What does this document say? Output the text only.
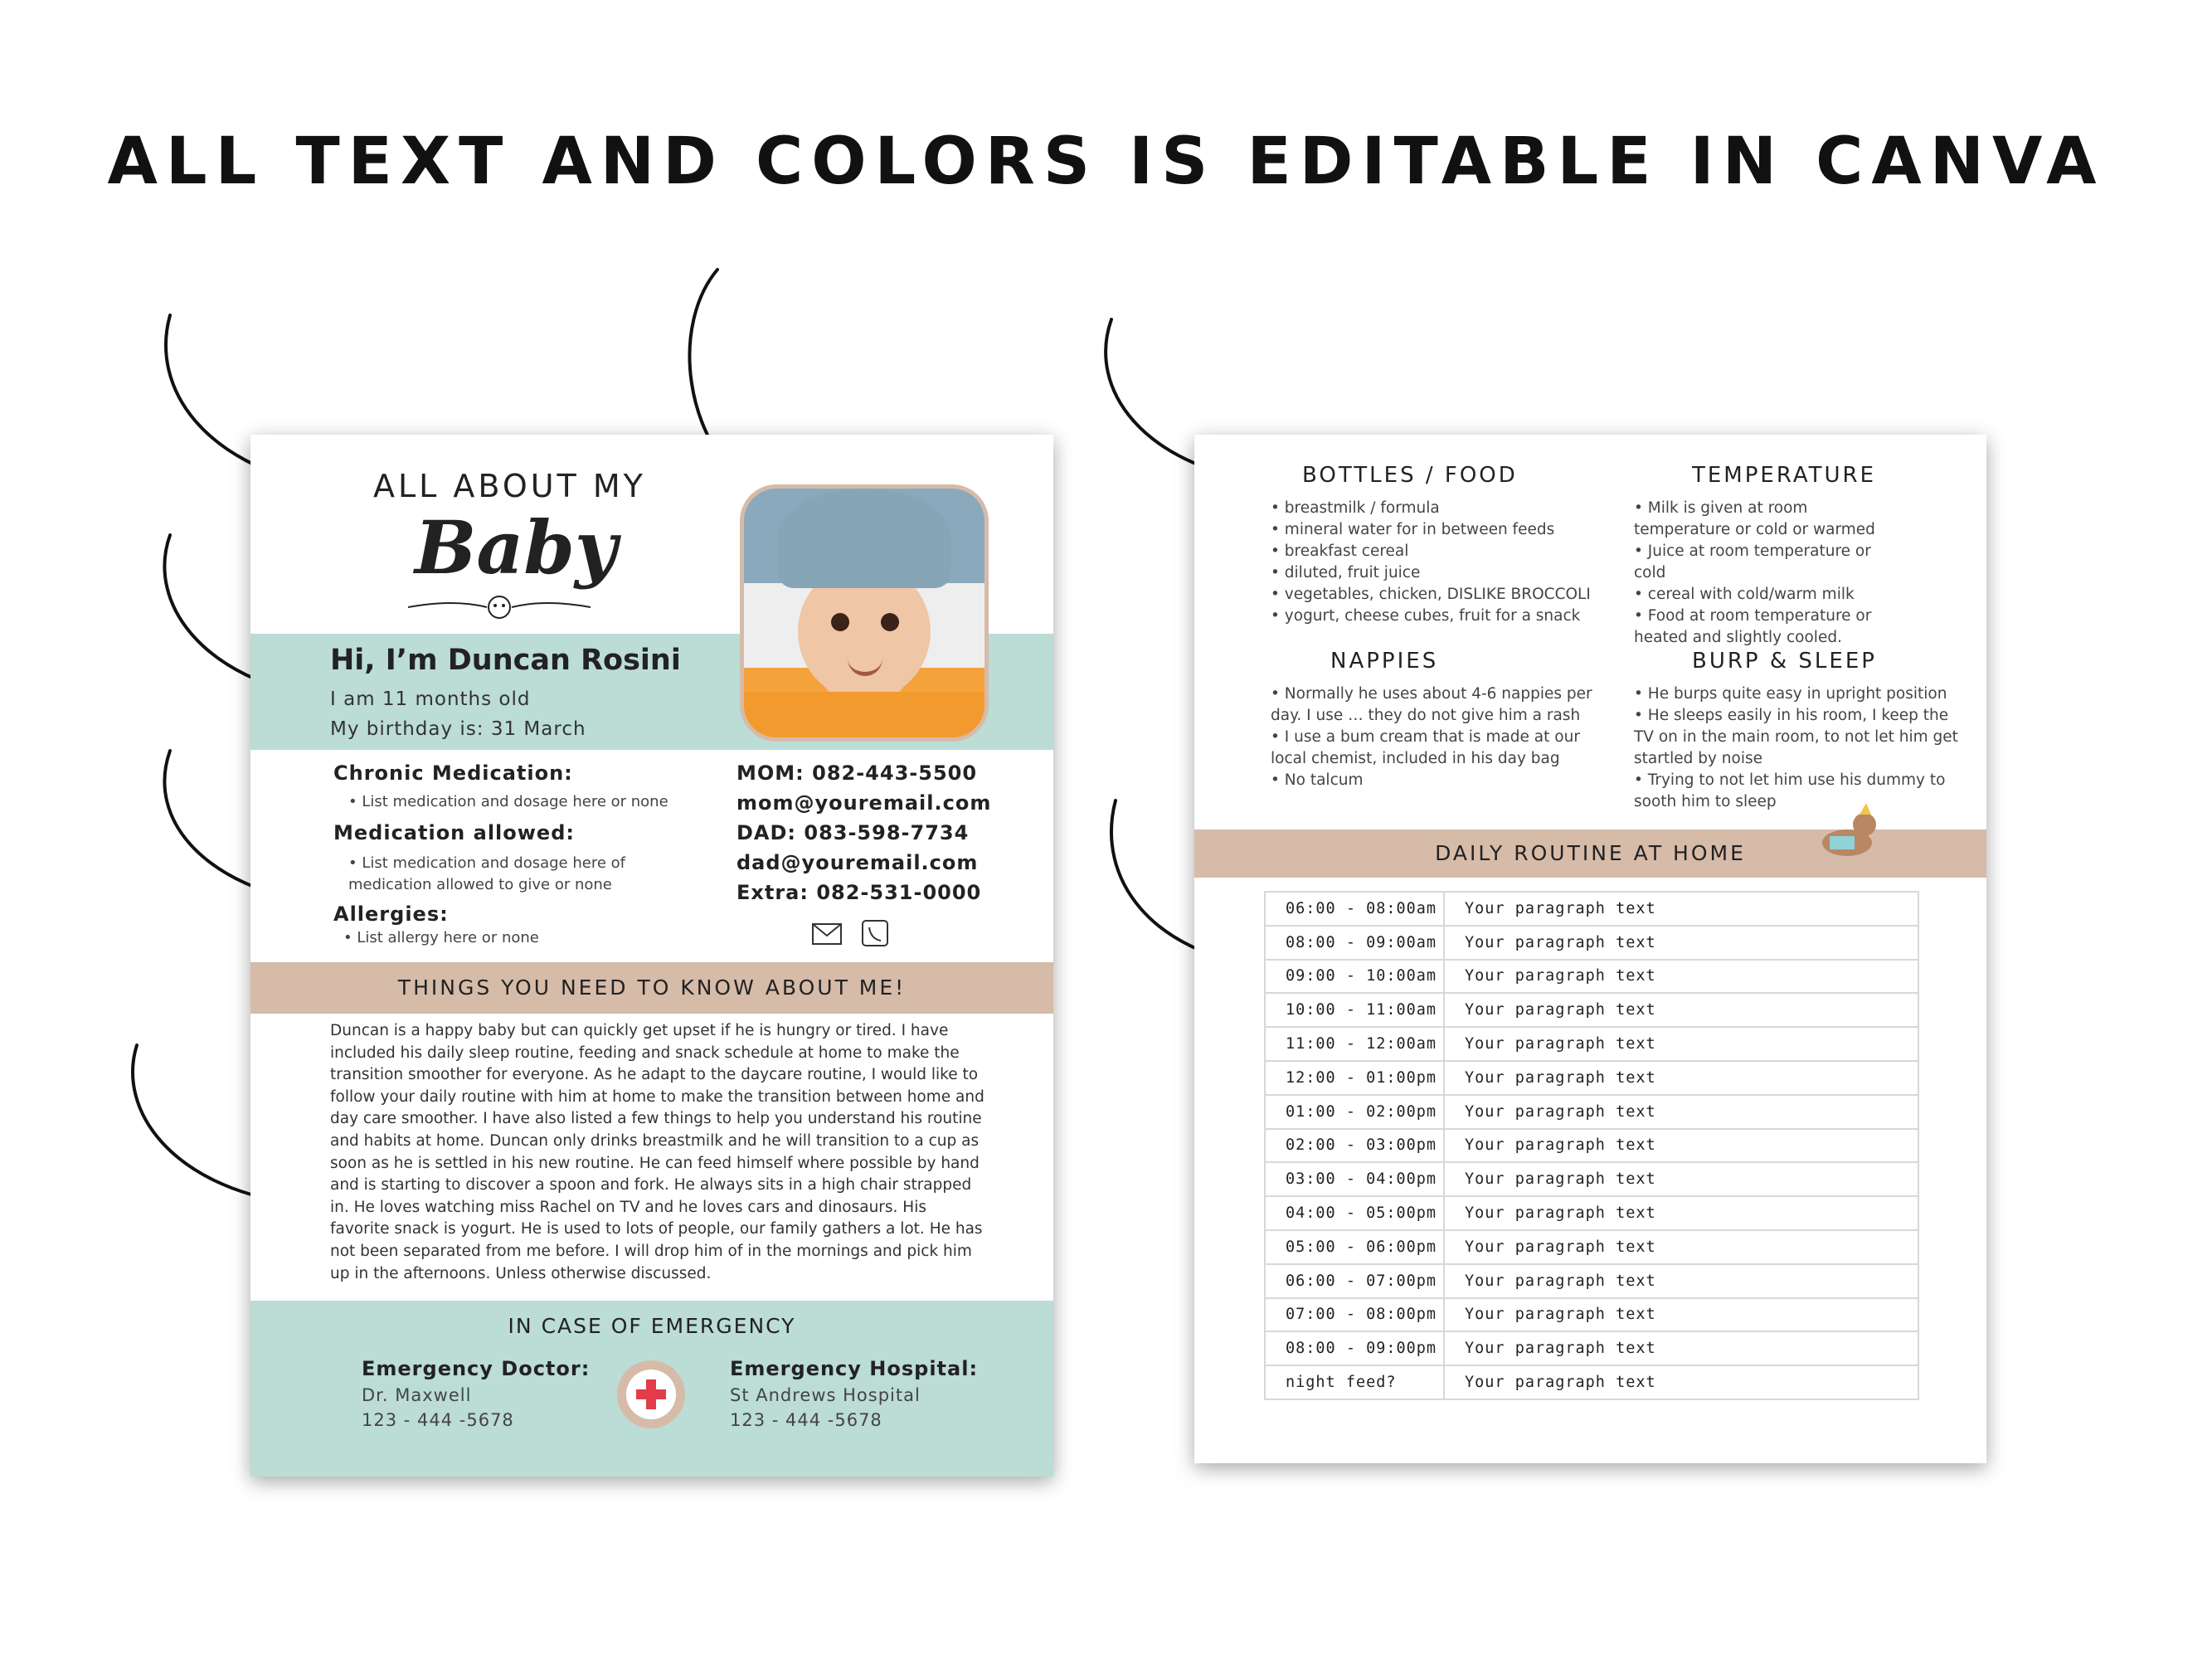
ALL TEXT AND COLORS IS EDITABLE IN CANVA
ALL ABOUT MY
Baby
Hi, I’m Duncan Rosini
I am 11 months old
My birthday is: 31 March
Chronic Medication:
• List medication and dosage here or none
Medication allowed:
• List medication and dosage here of medication allowed to give or none
Allergies:
• List allergy here or none
MOM: 082-443-5500
mom@youremail.com
DAD: 083-598-7734
dad@youremail.com
Extra: 082-531-0000
THINGS YOU NEED TO KNOW ABOUT ME!
Duncan is a happy baby but can quickly get upset if he is hungry or tired. I have included his daily sleep routine, feeding and snack schedule at home to make the transition smoother for everyone. As he adapt to the daycare routine, I would like to follow your daily routine with him at home to make the transition between home and day care smoother. I have also listed a few things to help you understand his routine and habits at home. Duncan only drinks breastmilk and he will transition to a cup as soon as he is settled in his new routine. He can feed himself where possible by hand and is starting to discover a spoon and fork. He always sits in a high chair strapped in. He loves watching miss Rachel on TV and he loves cars and dinosaurs. His favorite snack is yogurt. He is used to lots of people, our family gathers a lot. He has not been separated from me before. I will drop him of in the mornings and pick him up in the afternoons. Unless otherwise discussed.
IN CASE OF EMERGENCY
Emergency Doctor:
Dr. Maxwell
123 - 444 -5678
Emergency Hospital:
St Andrews Hospital
123 - 444 -5678
BOTTLES / FOOD
• breastmilk / formula
• mineral water for in between feeds
• breakfast cereal
• diluted, fruit juice
• vegetables, chicken, DISLIKE BROCCOLI
• yogurt, cheese cubes, fruit for a snack
TEMPERATURE
• Milk is given at room temperature or cold or warmed
• Juice at room temperature or cold
• cereal with cold/warm milk
• Food at room temperature or heated and slightly cooled.
NAPPIES
• Normally he uses about 4-6 nappies per day. I use … they do not give him a rash
• I use a bum cream that is made at our local chemist, included in his day bag
• No talcum
BURP & SLEEP
• He burps quite easy in upright position
• He sleeps easily in his room, I keep the TV on in the main room, to not let him get startled by noise
• Trying to not let him use his dummy to sooth him to sleep
DAILY ROUTINE AT HOME
06:00 - 08:00am	Your paragraph text
08:00 - 09:00am	Your paragraph text
09:00 - 10:00am	Your paragraph text
10:00 - 11:00am	Your paragraph text
11:00 - 12:00am	Your paragraph text
12:00 - 01:00pm	Your paragraph text
01:00 - 02:00pm	Your paragraph text
02:00 - 03:00pm	Your paragraph text
03:00 - 04:00pm	Your paragraph text
04:00 - 05:00pm	Your paragraph text
05:00 - 06:00pm	Your paragraph text
06:00 - 07:00pm	Your paragraph text
07:00 - 08:00pm	Your paragraph text
08:00 - 09:00pm	Your paragraph text
night feed?	Your paragraph text
